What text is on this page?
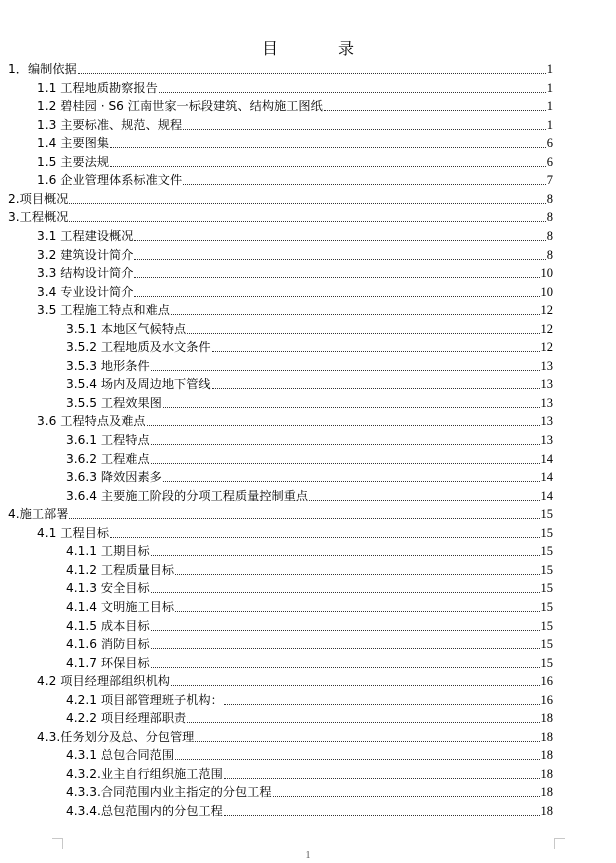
目　录
1．编制依据	1
1.1 工程地质勘察报告	1
1.2 碧桂园 · S6 江南世家一标段建筑、结构施工图纸	1
1.3 主要标准、规范、规程	1
1.4 主要图集	6
1.5 主要法规	6
1.6 企业管理体系标准文件	7
2.项目概况	8
3.工程概况	8
3.1 工程建设概况	8
3.2 建筑设计简介	8
3.3 结构设计简介	10
3.4 专业设计简介	10
3.5 工程施工特点和难点	12
3.5.1 本地区气候特点	12
3.5.2 工程地质及水文条件	12
3.5.3 地形条件	13
3.5.4 场内及周边地下管线	13
3.5.5 工程效果图	13
3.6 工程特点及难点	13
3.6.1 工程特点	13
3.6.2 工程难点	14
3.6.3 降效因素多	14
3.6.4 主要施工阶段的分项工程质量控制重点	14
4.施工部署	15
4.1 工程目标	15
4.1.1 工期目标	15
4.1.2 工程质量目标	15
4.1.3 安全目标	15
4.1.4 文明施工目标	15
4.1.5 成本目标	15
4.1.6 消防目标	15
4.1.7 环保目标	15
4.2 项目经理部组织机构	16
4.2.1 项目部管理班子机构：	16
4.2.2 项目经理部职责	18
4.3.任务划分及总、分包管理	18
4.3.1 总包合同范围	18
4.3.2.业主自行组织施工范围	18
4.3.3.合同范围内业主指定的分包工程	18
4.3.4.总包范围内的分包工程	18
1
